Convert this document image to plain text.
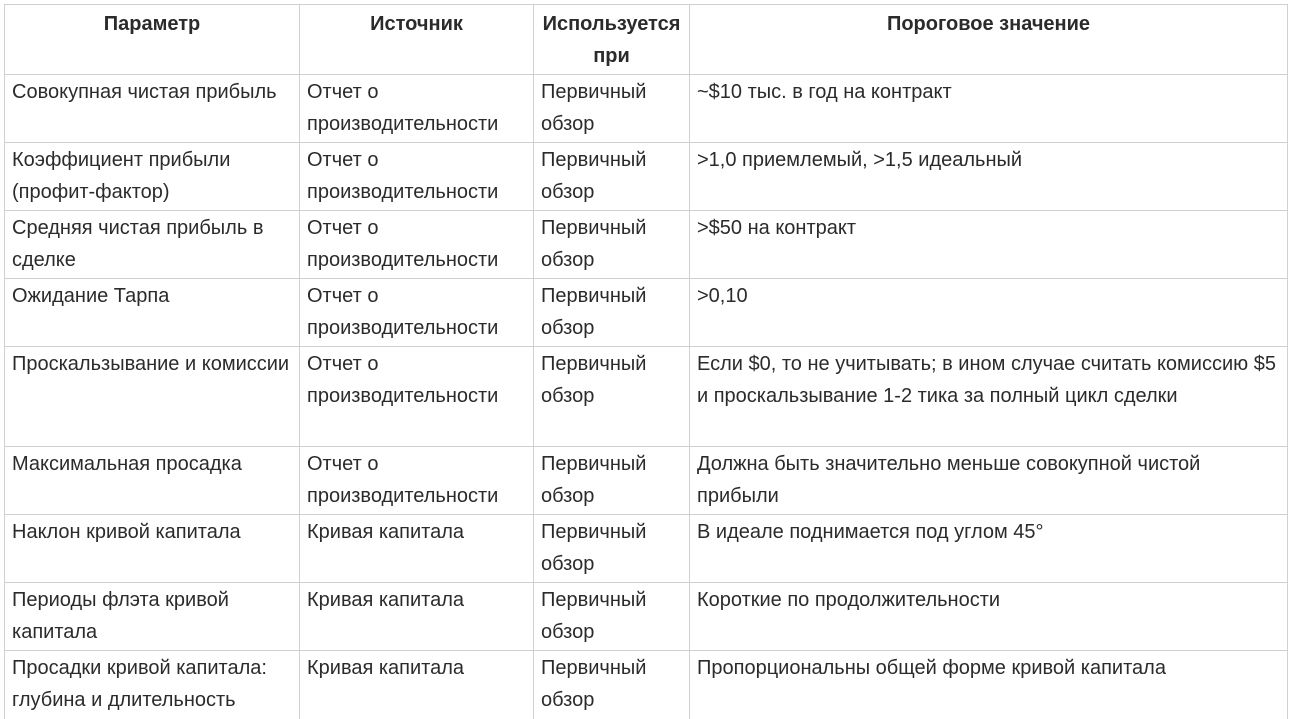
Параметр	Источник	Используется при	Пороговое значение
Совокупная чистая прибыль	Отчет о производительности	Первичный обзор	~$10 тыс. в год на контракт
Коэффициент прибыли (профит-фактор)	Отчет о производительности	Первичный обзор	>1,0 приемлемый, >1,5 идеальный
Средняя чистая прибыль в сделке	Отчет о производительности	Первичный обзор	>$50 на контракт
Ожидание Тарпа	Отчет о производительности	Первичный обзор	>0,10
Проскальзывание и комиссии	Отчет о производительности	Первичный обзор	Если $0, то не учитывать; в ином случае считать комиссию $5 и проскальзывание 1-2 тика за полный цикл сделки
Максимальная просадка	Отчет о производительности	Первичный обзор	Должна быть значительно меньше совокупной чистой прибыли
Наклон кривой капитала	Кривая капитала	Первичный обзор	В идеале поднимается под углом 45°
Периоды флэта кривой капитала	Кривая капитала	Первичный обзор	Короткие по продолжительности
Просадки кривой капитала: глубина и длительность	Кривая капитала	Первичный обзор	Пропорциональны общей форме кривой капитала
